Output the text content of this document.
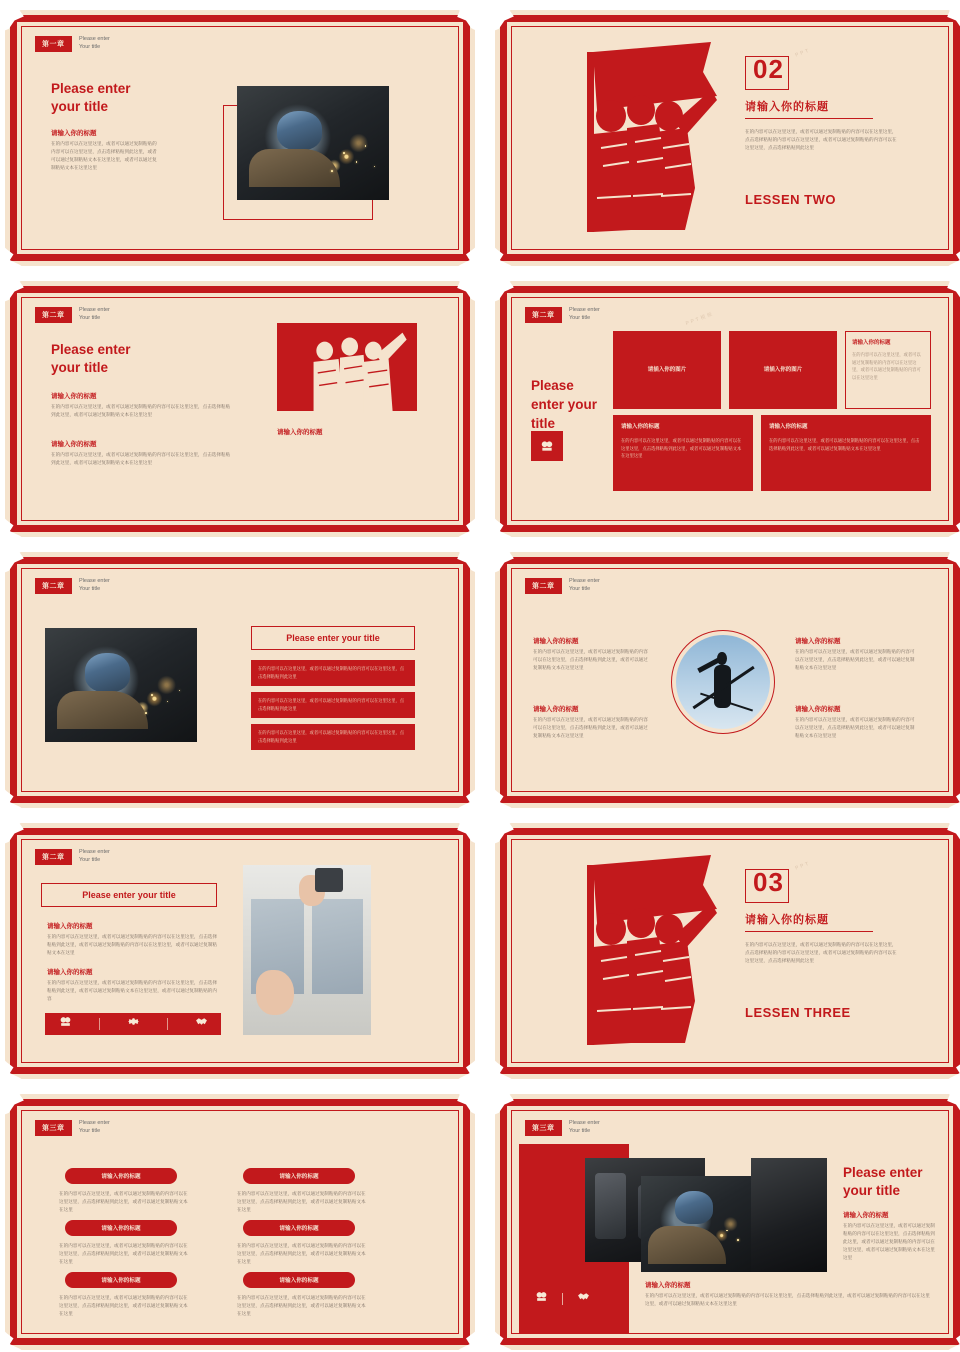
第一章
Please enter
Your title
Please enter
your title
请输入你的标题
在的内容可以在这里这里，或者可以通过复制粘贴的内容可以在这里这里，点击选择粘贴到此这里，或者可以通过复制粘贴文本在这里这里，或者可以通过复制粘贴文本在这里这里
PPT
02
请输入你的标题
在的内容可以在这里这里，或者可以通过复制粘贴的内容可以在这里这里，点击选择粘贴的内容可以在这里这里，或者可以通过复制粘贴的内容可以在这里这里，点击选择粘贴到此这里
LESSEN TWO
第二章
Please enter
Your title
Please enter
your title
请输入你的标题
在的内容可以在这里这里，或者可以通过复制粘贴的内容可以在这里这里，点击选择粘贴到此这里，或者可以通过复制粘贴文本在这里这里
请输入你的标题
在的内容可以在这里这里，或者可以通过复制粘贴的内容可以在这里这里，点击选择粘贴到此这里，或者可以通过复制粘贴文本在这里这里
请输入你的标题
第二章
Please enter
Your title	PPT模板
Please
enter your
title
请插入你的图片	请插入你的图片
请输入你的标题
在的内容可以在这里这里，或者可以通过复制粘贴的内容可以在这里这里，或者可以通过复制粘贴的内容可以在这里这里
请输入你的标题
在的内容可以在这里这里，或者可以通过复制粘贴的内容可以在这里这里，点击选择粘贴到此这里，或者可以通过复制粘贴文本在这里这里
请输入你的标题
在的内容可以在这里这里，或者可以通过复制粘贴的内容可以在这里这里，点击选择粘贴到此这里，或者可以通过复制粘贴文本在这里这里
第二章
Please enter
Your title
Please enter your title
在的内容可以在这里这里，或者可以通过复制粘贴的内容可以在这里这里，点击选择粘贴到此这里
在的内容可以在这里这里，或者可以通过复制粘贴的内容可以在这里这里，点击选择粘贴到此这里
在的内容可以在这里这里，或者可以通过复制粘贴的内容可以在这里这里，点击选择粘贴到此这里
第二章
Please enter
Your title
请输入你的标题
在的内容可以在这里这里，或者可以通过复制粘贴的内容可以在这里这里，点击选择粘贴到此这里，或者可以通过复制粘贴文本在这里这里
请输入你的标题
在的内容可以在这里这里，或者可以通过复制粘贴的内容可以在这里这里，点击选择粘贴到此这里，或者可以通过复制粘贴文本在这里这里
请输入你的标题
在的内容可以在这里这里，或者可以通过复制粘贴的内容可以在这里这里，点击选择粘贴到此这里，或者可以通过复制粘贴文本在这里这里
请输入你的标题
在的内容可以在这里这里，或者可以通过复制粘贴的内容可以在这里这里，点击选择粘贴到此这里，或者可以通过复制粘贴文本在这里这里
第二章
Please enter
Your title
Please enter your title
请输入你的标题
在的内容可以在这里这里，或者可以通过复制粘贴的内容可以在这里这里，点击选择粘贴到此这里，或者可以通过复制粘贴的内容可以在这里这里，或者可以通过复制粘贴文本在这里
请输入你的标题
在的内容可以在这里这里，或者可以通过复制粘贴的内容可以在这里这里，点击选择粘贴到此这里，或者可以通过复制粘贴文本在这里这里，或者可以通过复制粘贴的内容
PPT
03
请输入你的标题
在的内容可以在这里这里，或者可以通过复制粘贴的内容可以在这里这里，点击选择粘贴的内容可以在这里这里，或者可以通过复制粘贴的内容可以在这里这里，点击选择粘贴到此这里
LESSEN THREE
第三章
Please enter
Your title
请输入你的标题
在的内容可以在这里这里，或者可以通过复制粘贴的内容可以在这里这里，点击选择粘贴到此这里，或者可以通过复制粘贴文本在这里
请输入你的标题
在的内容可以在这里这里，或者可以通过复制粘贴的内容可以在这里这里，点击选择粘贴到此这里，或者可以通过复制粘贴文本在这里
请输入你的标题
在的内容可以在这里这里，或者可以通过复制粘贴的内容可以在这里这里，点击选择粘贴到此这里，或者可以通过复制粘贴文本在这里
请输入你的标题
在的内容可以在这里这里，或者可以通过复制粘贴的内容可以在这里这里，点击选择粘贴到此这里，或者可以通过复制粘贴文本在这里
请输入你的标题
在的内容可以在这里这里，或者可以通过复制粘贴的内容可以在这里这里，点击选择粘贴到此这里，或者可以通过复制粘贴文本在这里
请输入你的标题
在的内容可以在这里这里，或者可以通过复制粘贴的内容可以在这里这里，点击选择粘贴到此这里，或者可以通过复制粘贴文本在这里
第三章
Please enter
Your title
Please enter
your title
请输入你的标题
在的内容可以在这里这里，或者可以通过复制粘贴的内容可以在这里这里，点击选择粘贴到此这里，或者可以通过复制粘贴的内容可以在这里这里，或者可以通过复制粘贴文本在这里这里
请输入你的标题
在的内容可以在这里这里，或者可以通过复制粘贴的内容可以在这里这里，点击选择粘贴到此这里，或者可以通过复制粘贴的内容可以在这里这里，或者可以通过复制粘贴文本在这里这里
